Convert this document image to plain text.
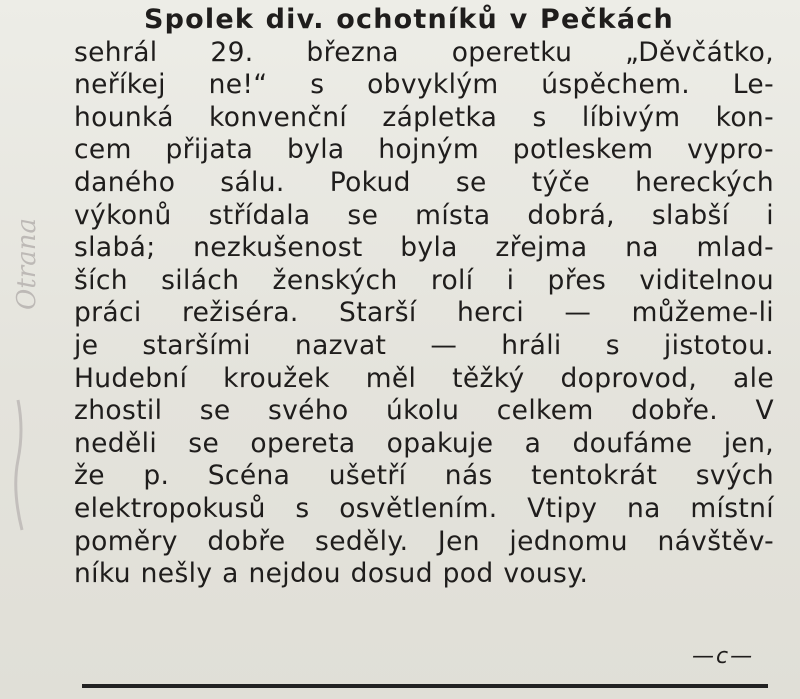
Otrana
Spolek div. ochotníků v Pečkách
sehrál 29. března operetku „Děvčátko,
neříkej ne!“ s obvyklým úspěchem. Le-
hounká konvenční zápletka s líbivým kon-
cem přijata byla hojným potleskem vypro-
daného sálu. Pokud se týče hereckých
výkonů střídala se místa dobrá, slabší i
slabá; nezkušenost byla zřejma na mlad-
ších silách ženských rolí i přes viditelnou
práci režiséra. Starší herci — můžeme-li
je staršími nazvat — hráli s jistotou.
Hudební kroužek měl těžký doprovod, ale
zhostil se svého úkolu celkem dobře. V
neděli se opereta opakuje a doufáme jen,
že p. Scéna ušetří nás tentokrát svých
elektropokusů s osvětlením. Vtipy na místní
poměry dobře seděly. Jen jednomu návštěv-
níku nešly a nejdou dosud pod vousy.
—c—
